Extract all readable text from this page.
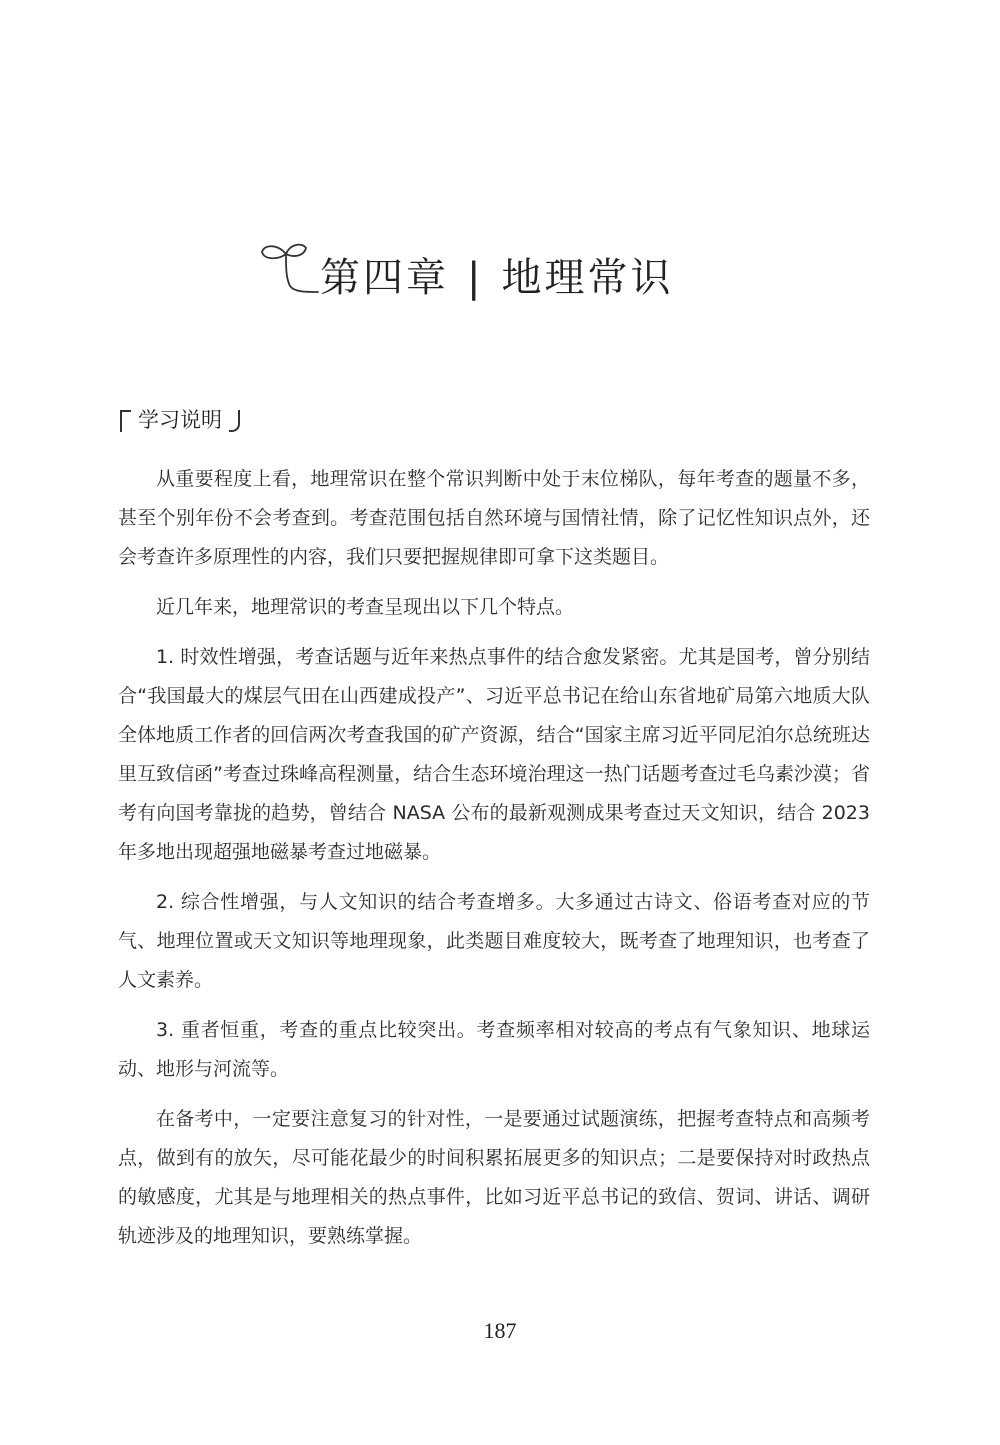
第四章 | 地理常识
学习说明

从重要程度上看，地理常识在整个常识判断中处于末位梯队，每年考查的题量不多，甚至个别年份不会考查到。考查范围包括自然环境与国情社情，除了记忆性知识点外，还会考查许多原理性的内容，我们只要把握规律即可拿下这类题目。

近几年来，地理常识的考查呈现出以下几个特点。

1. 时效性增强，考查话题与近年来热点事件的结合愈发紧密。尤其是国考，曾分别结合“我国最大的煤层气田在山西建成投产”、习近平总书记在给山东省地矿局第六地质大队全体地质工作者的回信两次考查我国的矿产资源，结合“国家主席习近平同尼泊尔总统班达里互致信函”考查过珠峰高程测量，结合生态环境治理这一热门话题考查过毛乌素沙漠；省考有向国考靠拢的趋势，曾结合 NASA 公布的最新观测成果考查过天文知识，结合 2023 年多地出现超强地磁暴考查过地磁暴。

2. 综合性增强，与人文知识的结合考查增多。大多通过古诗文、俗语考查对应的节气、地理位置或天文知识等地理现象，此类题目难度较大，既考查了地理知识，也考查了人文素养。

3. 重者恒重，考查的重点比较突出。考查频率相对较高的考点有气象知识、地球运动、地形与河流等。

在备考中，一定要注意复习的针对性，一是要通过试题演练，把握考查特点和高频考点，做到有的放矢，尽可能花最少的时间积累拓展更多的知识点；二是要保持对时政热点的敏感度，尤其是与地理相关的热点事件，比如习近平总书记的致信、贺词、讲话、调研轨迹涉及的地理知识，要熟练掌握。

187
